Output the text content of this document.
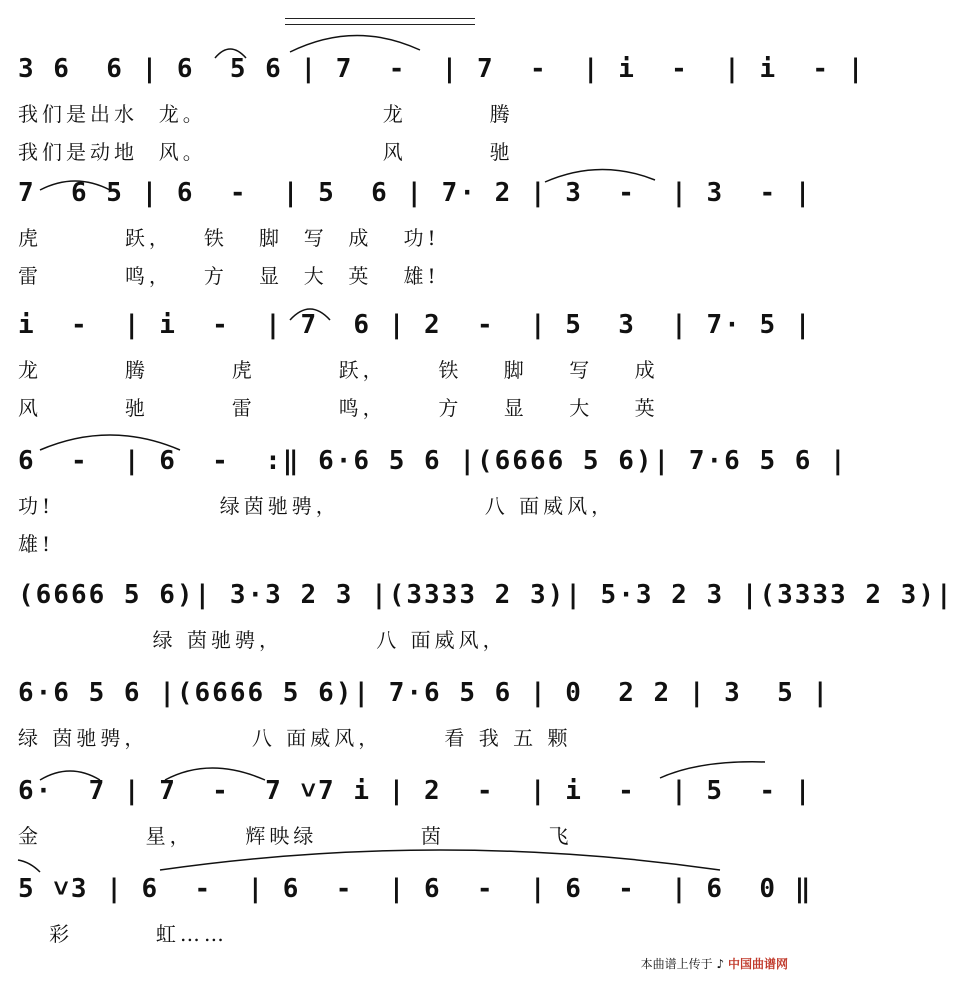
3 6  6 | 6  5 6 | 7  -  | 7  -  | i  -  | i  - |
我们是出水  龙。                 龙        腾
我们是动地  风。                 风        驰
7  6 5 | 6  -  | 5  6 | 7· 2 | 3  -  | 3  - |
虎        跃，   铁   脚  写  成   功!
雷        鸣，   方   显  大  英   雄!
i  -  | i  -  | 7  6 | 2  -  | 5  3  | 7· 5 |
龙        腾        虎        跃，     铁    脚    写    成
风        驰        雷        鸣，     方    显    大    英
6  -  | 6  -  :‖ 6·6 5 6 |(6666 5 6)| 7·6 5 6 |
功!                绿茵驰骋，              八 面威风，
雄!
(6666 5 6)| 3·3 2 3 |(3333 2 3)| 5·3 2 3 |(3333 2 3)|
绿 茵驰骋，         八 面威风，
6·6 5 6 |(6666 5 6)| 7·6 5 6 | 0  2 2 | 3  5 |
绿 茵驰骋，          八 面威风，      看 我 五 颗
6·  7 | 7  -  7 ˅7 i | 2  -  | i  -  | 5  - |
金          星，     辉映绿          茵          飞
5 ˅3 | 6  -  | 6  -  | 6  -  | 6  -  | 6  0 ‖
彩        虹……
本曲谱上传于 ♪ 中国曲谱网
